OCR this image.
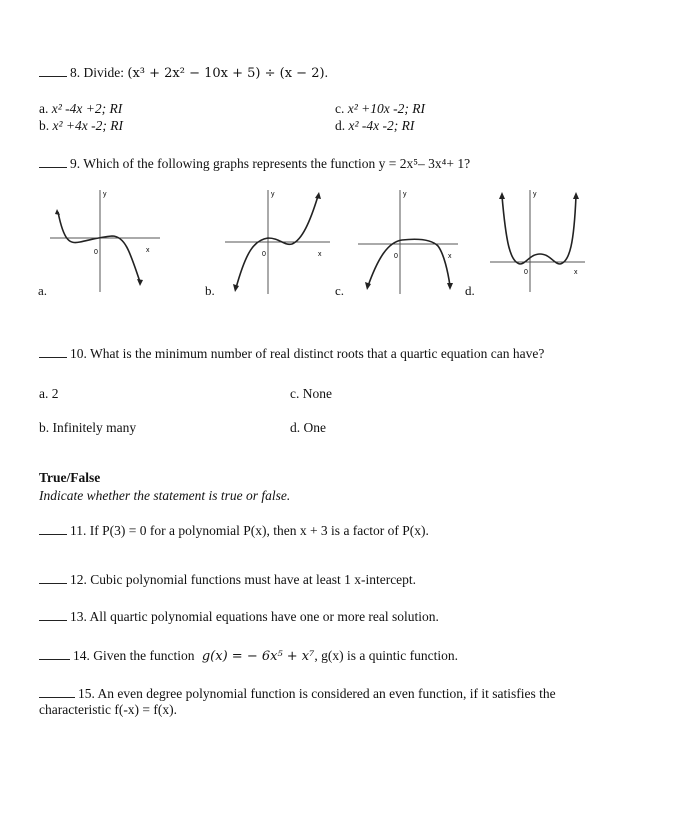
8. Divide: (x³ + 2x² − 10x + 5) ÷ (x − 2).
a. x² -4x +2; RI
b. x² +4x -2; RI
c. x² +10x -2; RI
d. x² -4x -2; RI
9. Which of the following graphs represents the function y = 2x⁵– 3x⁴+ 1?
y
x
0
y
x
0
y
x
0
y
x
0
a.	b.	c.	d.
10. What is the minimum number of real distinct roots that a quartic equation can have?
a. 2
b. Infinitely many
c. None
d. One
True/False
Indicate whether the statement is true or false.
11. If P(3) = 0 for a polynomial P(x), then x + 3 is a factor of P(x).
12. Cubic polynomial functions must have at least 1 x-intercept.
13. All quartic polynomial equations have one or more real solution.
14. Given the function g(x) = − 6x⁵ + x⁷, g(x) is a quintic function.
15. An even degree polynomial function is considered an even function, if it satisfies the
characteristic f(-x) = f(x).
